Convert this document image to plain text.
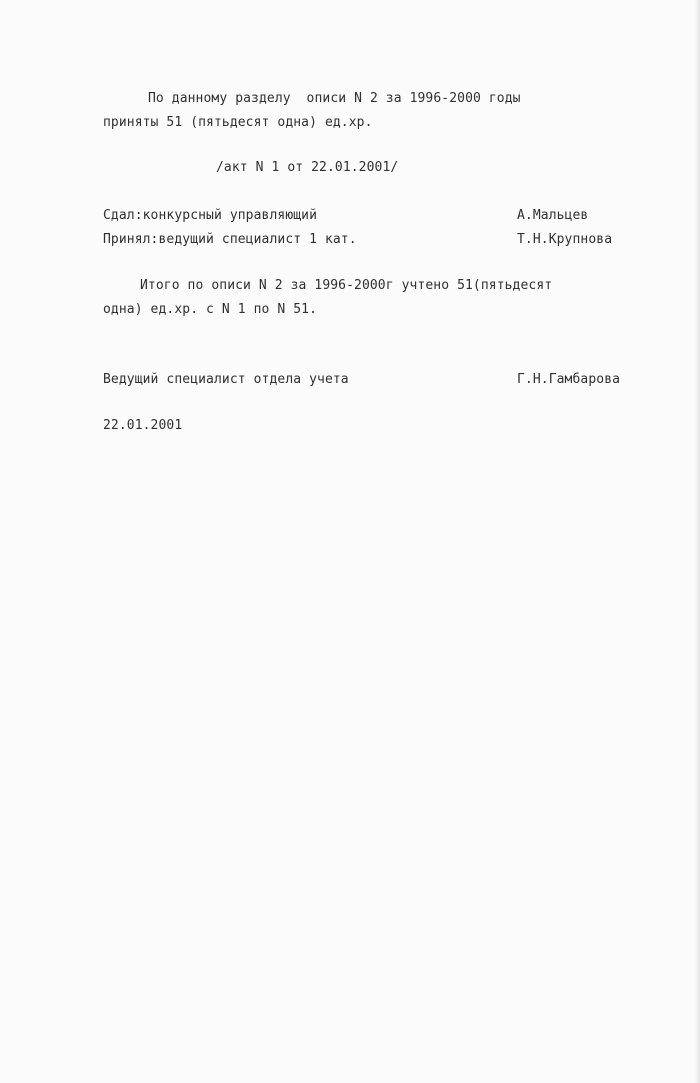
По данному разделу  описи N 2 за 1996-2000 годы
приняты 51 (пятьдесят одна) ед.хр.
/акт N 1 от 22.01.2001/
Сдал:конкурсный управляющий	А.Мальцев
Принял:ведущий специалист 1 кат.	Т.Н.Крупнова
Итого по описи N 2 за 1996-2000г учтено 51(пятьдесят
одна) ед.хр. с N 1 по N 51.
Ведущий специалист отдела учета	Г.Н.Гамбарова
22.01.2001
